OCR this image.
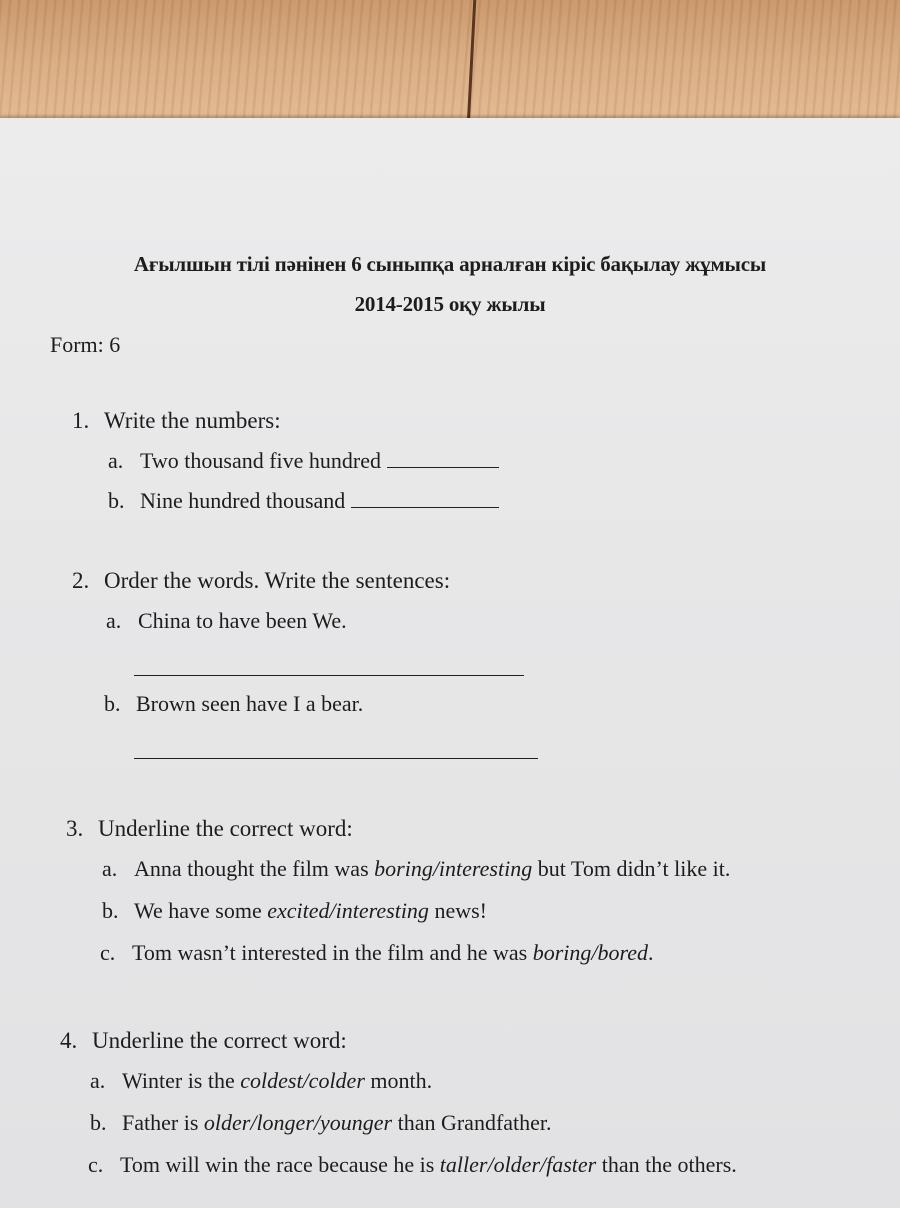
Ағылшын тілі пәнінен 6 сыныпқа арналған кіріс бақылау жұмысы
2014-2015 оқу жылы
Form: 6
1. Write the numbers:
a. Two thousand five hundred
b. Nine hundred thousand
2. Order the words. Write the sentences:
a. China to have been We.
b. Brown seen have I a bear.
3. Underline the correct word:
a. Anna thought the film was boring/interesting but Tom didn’t like it.
b. We have some excited/interesting news!
c. Tom wasn’t interested in the film and he was boring/bored.
4. Underline the correct word:
a. Winter is the coldest/colder month.
b. Father is older/longer/younger than Grandfather.
c. Tom will win the race because he is taller/older/faster than the others.
